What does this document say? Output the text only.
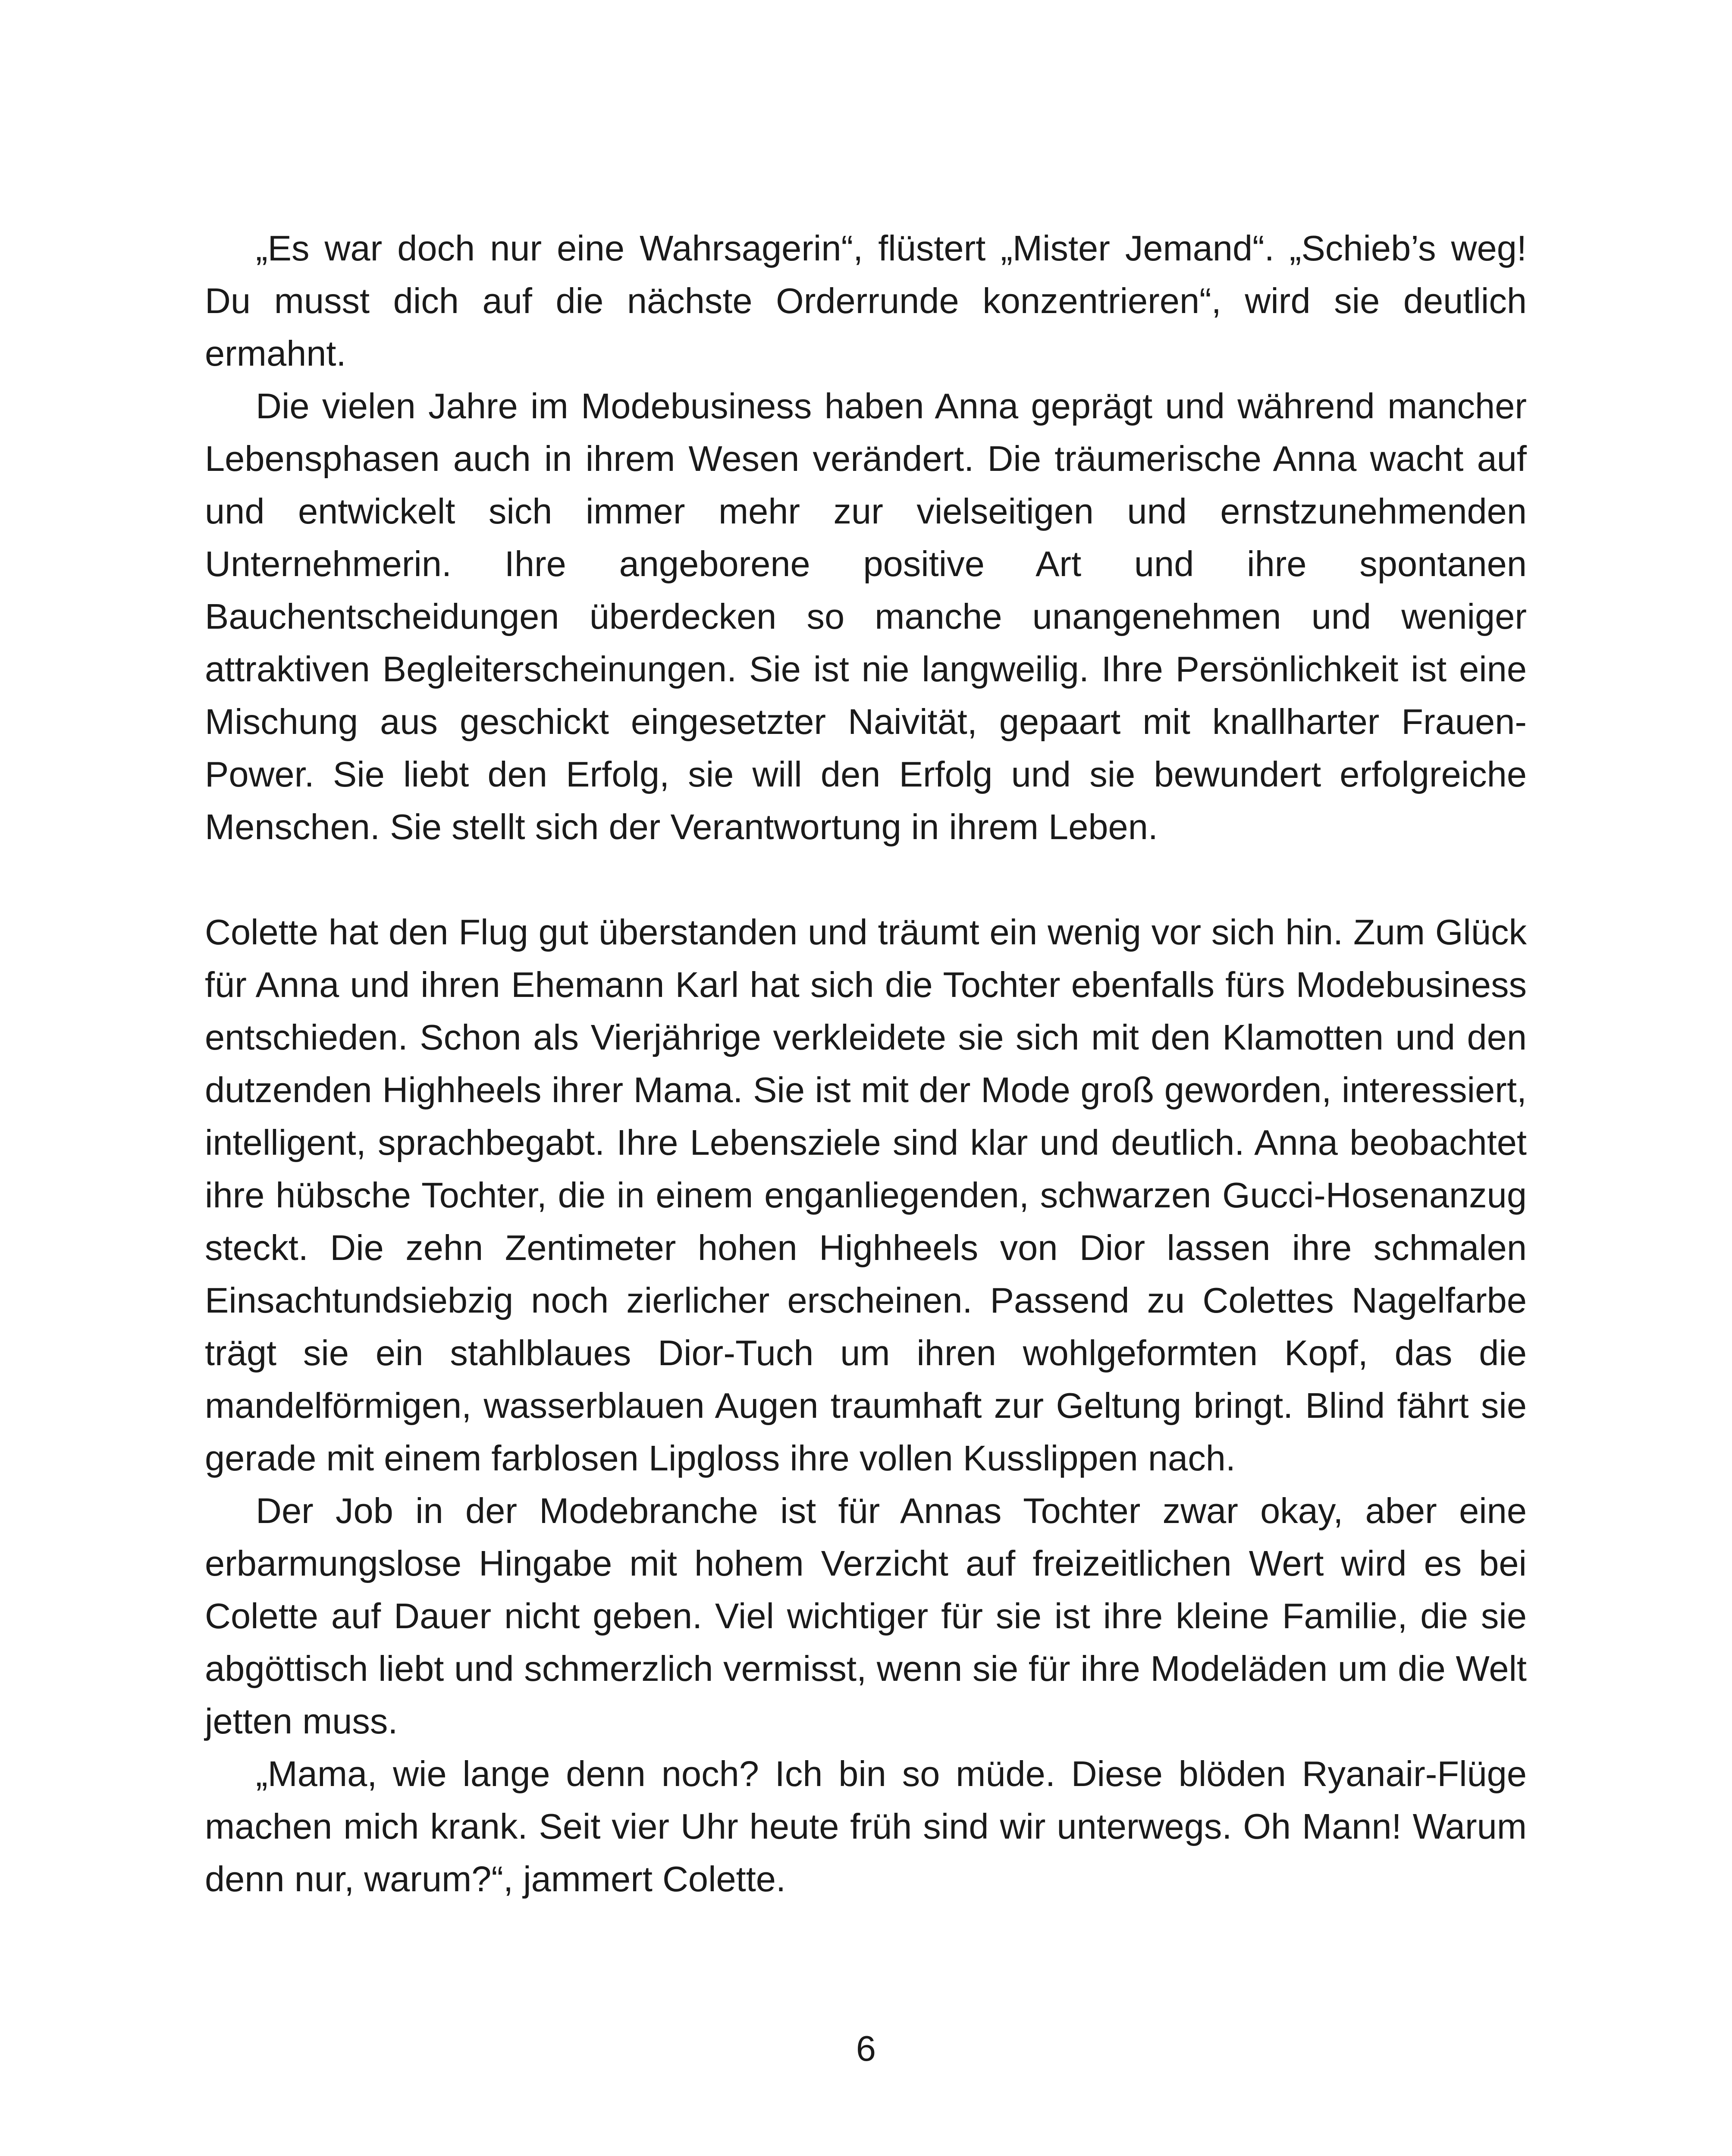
„Es war doch nur eine Wahrsagerin“, flüstert „Mister Jemand“. „Schieb’s weg! Du musst dich auf die nächste Orderrunde konzentrieren“, wird sie deutlich ermahnt.

Die vielen Jahre im Modebusiness haben Anna geprägt und während mancher Lebensphasen auch in ihrem Wesen verändert. Die träumerische Anna wacht auf und entwickelt sich immer mehr zur vielseitigen und ernstzunehmenden Unternehmerin. Ihre angeborene positive Art und ihre spontanen Bauchentscheidungen überdecken so manche unangenehmen und weniger attraktiven Begleiterscheinungen. Sie ist nie langweilig. Ihre Persönlichkeit ist eine Mischung aus geschickt eingesetzter Naivität, gepaart mit knallharter Frauen-Power. Sie liebt den Erfolg, sie will den Erfolg und sie bewundert erfolgreiche Menschen. Sie stellt sich der Verantwortung in ihrem Leben.

Colette hat den Flug gut überstanden und träumt ein wenig vor sich hin. Zum Glück für Anna und ihren Ehemann Karl hat sich die Tochter ebenfalls fürs Modebusiness entschieden. Schon als Vierjährige verkleidete sie sich mit den Klamotten und den dutzenden Highheels ihrer Mama. Sie ist mit der Mode groß geworden, interessiert, intelligent, sprachbegabt. Ihre Lebensziele sind klar und deutlich. Anna beobachtet ihre hübsche Tochter, die in einem enganliegenden, schwarzen Gucci-Hosenanzug steckt. Die zehn Zentimeter hohen Highheels von Dior lassen ihre schmalen Einsachtundsiebzig noch zierlicher erscheinen. Passend zu Colettes Nagelfarbe trägt sie ein stahlblaues Dior-Tuch um ihren wohlgeformten Kopf, das die mandelförmigen, wasserblauen Augen traumhaft zur Geltung bringt. Blind fährt sie gerade mit einem farblosen Lipgloss ihre vollen Kusslippen nach.

Der Job in der Modebranche ist für Annas Tochter zwar okay, aber eine erbarmungslose Hingabe mit hohem Verzicht auf freizeitlichen Wert wird es bei Colette auf Dauer nicht geben. Viel wichtiger für sie ist ihre kleine Familie, die sie abgöttisch liebt und schmerzlich vermisst, wenn sie für ihre Modeläden um die Welt jetten muss.

„Mama, wie lange denn noch? Ich bin so müde. Diese blöden Ryanair-Flüge machen mich krank. Seit vier Uhr heute früh sind wir unterwegs. Oh Mann! Warum denn nur, warum?“, jammert Colette.

6
